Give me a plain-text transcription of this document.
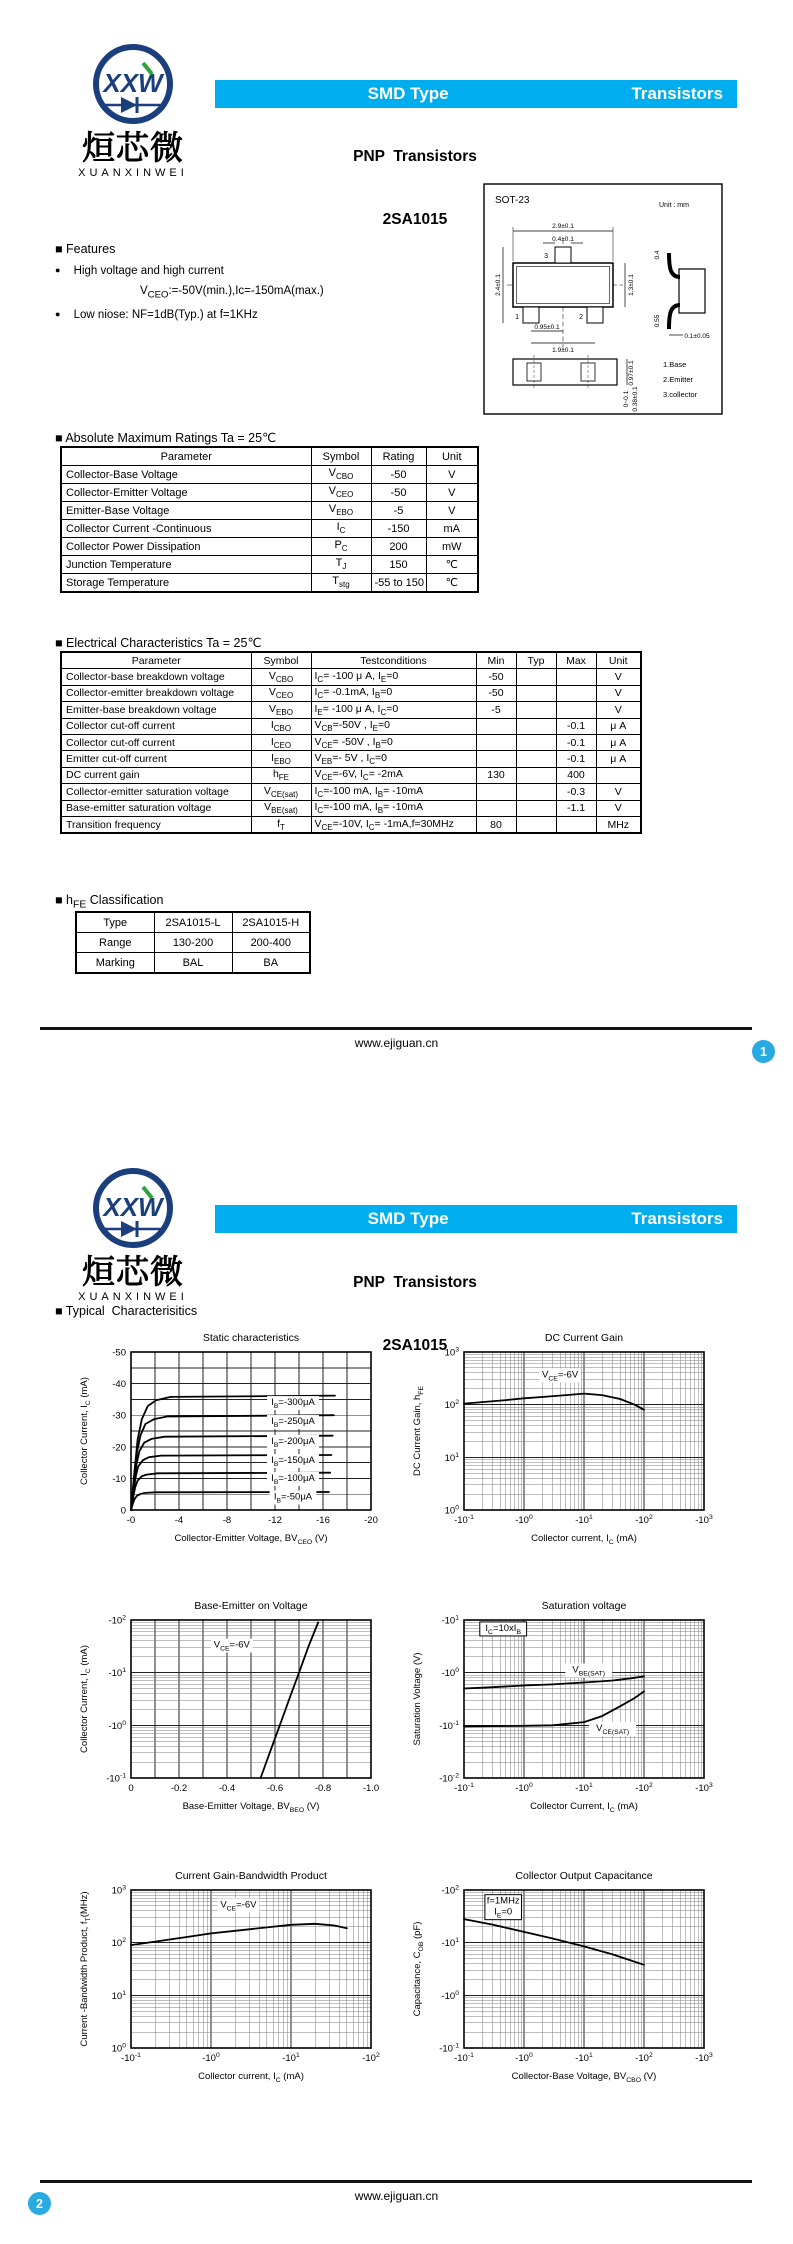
XXW
烜芯微
XUANXINWEI
SMD Type	Transistors

PNP  Transistors

2SA1015

■ Features
● High voltage and high current
$V_{CEO}:=-50V(\min.),Ic=-150mA(\max.)$
● Low niose: NF=1dB(Typ.) at f=1KHz
SOT-23	Unit : mm
3
1	2
2.9±0.1
0.4±0.1
2.4±0.1	1.3±0.1
0.95±0.1
1.9±0.1
0.4
0.55
0.1±0.05
0.97±0.1
0~0.1 0.38±0.1
1.Base
2.Emitter
3.collector
■ Absolute Maximum Ratings Ta = 25℃
Parameter	Symbol	Rating	Unit
Collector-Base Voltage	$V_{CBO}$	-50	V
Collector-Emitter Voltage	$V_{CEO}$	-50	V
Emitter-Base Voltage	$V_{EBO}$	-5	V
Collector Current -Continuous	$I_C$	-150	mA
Collector Power Dissipation	$P_C$	200	mW
Junction Temperature	$T_J$	150	℃
Storage Temperature	$T_{stg}$	-55 to 150	℃
■ Electrical Characteristics Ta = 25℃
Parameter	Symbol	Testconditions	Min	Typ	Max	Unit
Collector-base breakdown voltage	$V_{CBO}$	$I_C= -100$ μ A, $I_E=0$	-50			V
Collector-emitter breakdown voltage	$V_{CEO}$	$I_C= -0.1mA$, $I_B=0$	-50			V
Emitter-base breakdown voltage	$V_{EBO}$	$I_E= -100$ μ A, $I_C=0$	-5			V
Collector cut-off current	$I_{CBO}$	$V_{CB}=-50V$ , $I_E=0$			-0.1	μ A
Collector cut-off current	$I_{CEO}$	$V_{CE}= -50V$ , $I_B=0$			-0.1	μ A
Emitter cut-off current	$I_{EBO}$	$V_{EB}=-$ 5V , $I_C=0$			-0.1	μ A
DC current gain	$h_{FE}$	$V_{CE}=-6V$, $I_C= -2mA$	130		400	
Collector-emitter saturation voltage	$V_{CE(sat)}$	$I_C=-100$ mA, $I_B= -10mA$			-0.3	V
Base-emitter saturation voltage	$V_{BE(sat)}$	$I_C=-100$ mA, $I_B= -10mA$			-1.1	V
Transition frequency	$f_T$	$V_{CE}=-10V$, $I_C= -1mA,f=30MHz$	80			MHz
■ $h_{FE}$ Classification
Type	2SA1015-L	2SA1015-H
Range	130-200	200-400
Marking	BAL	BA
www.ejiguan.cn
1
XXW
烜芯微
XUANXINWEI
SMD Type	Transistors

PNP  Transistors

2SA1015

■ Typical  Characterisitics
-0	-4	-8	-12	-16	-20
0
-10
-20
-30
-40
-50
Static characteristics
Collector-Emitter Voltage, $BV_{CEO}$ (V)
Collector Current, $I_C$ (mA)
$I_B=-300\mu A$
$I_B=-250\mu A$
$I_B=-200\mu A$
$I_B=-150\mu A$
$I_B=-100\mu A$
$I_B=-50\mu A$
$-10^{-1}$	$-10^0$	$-10^1$	$-10^2$	$-10^3$
$10^0$
$10^1$
$10^2$
$10^3$
DC Current Gain
Collector current, $I_C$ (mA)
DC Current Gain, $h_{FE}$
$V_{CE}=-6V$
0	-0.2	-0.4	-0.6	-0.8	-1.0
$-10^{-1}$
$-10^0$
$-10^1$
$-10^2$
Base-Emitter on Voltage
Base-Emitter Voltage, $BV_{BEO}$ (V)
Collector Current, $I_C$ (mA)
$V_{CE}=-6V$
$-10^{-1}$	$-10^0$	$-10^1$	$-10^2$	$-10^3$
$-10^1$
$-10^0$
$-10^{-1}$
$-10^{-2}$
Saturation voltage
Collector Current, $I_C$ (mA)
Saturation Voltage (V)
$I_C=10xI_B$
$V_{BE(SAT)}$
$V_{CE(SAT)}$
$-10^{-1}$	$-10^0$	$-10^1$	$-10^2$
$10^0$
$10^1$
$10^2$
$10^3$
Current Gain-Bandwidth Product
Collector current, $I_C$ (mA)
Current -Bandwidth Product, $f_T(MHz)$	$V_{CE}=-6V$
$-10^{-1}$	$-10^0$	$-10^1$	$-10^2$	$-10^3$
$-10^2$
$-10^1$
$-10^0$
$-10^{-1}$
Collector Output Capacitance
Collector-Base Voltage, $BV_{CBO}$ (V)
Capacitance, $C_{OB}$ (pF)
f=1MHz
$I_E=0$
www.ejiguan.cn
2
